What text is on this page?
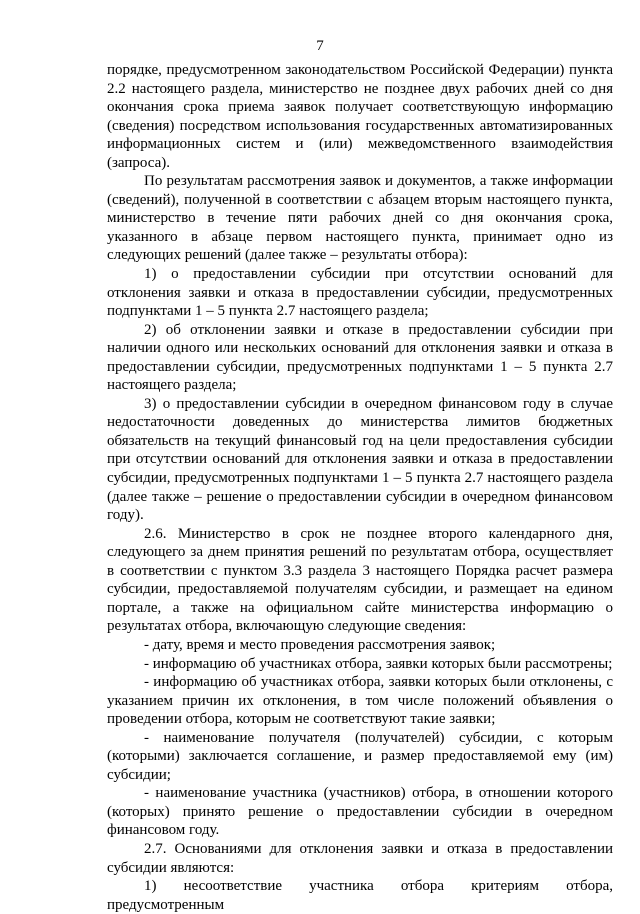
7

порядке, предусмотренном законодательством Российской Федерации) пункта 2.2 настоящего раздела, министерство не позднее двух рабочих дней со дня окончания срока приема заявок получает соответствующую информацию (сведения) посредством использования государственных автоматизированных информационных систем и (или) межведомственного взаимодействия (запроса).

По результатам рассмотрения заявок и документов, а также информации (сведений), полученной в соответствии с абзацем вторым настоящего пункта, министерство в течение пяти рабочих дней со дня окончания срока, указанного в абзаце первом настоящего пункта, принимает одно из следующих решений (далее также – результаты отбора):

1) о предоставлении субсидии при отсутствии оснований для отклонения заявки и отказа в предоставлении субсидии, предусмотренных подпунктами 1 – 5 пункта 2.7 настоящего раздела;

2) об отклонении заявки и отказе в предоставлении субсидии при наличии одного или нескольких оснований для отклонения заявки и отказа в предоставлении субсидии, предусмотренных подпунктами 1 – 5 пункта 2.7 настоящего раздела;

3) о предоставлении субсидии в очередном финансовом году в случае недостаточности доведенных до министерства лимитов бюджетных обязательств на текущий финансовый год на цели предоставления субсидии при отсутствии оснований для отклонения заявки и отказа в предоставлении субсидии, предусмотренных подпунктами 1 – 5 пункта 2.7 настоящего раздела (далее также – решение о предоставлении субсидии в очередном финансовом году).

2.6. Министерство в срок не позднее второго календарного дня, следующего за днем принятия решений по результатам отбора, осуществляет в соответствии с пунктом 3.3 раздела 3 настоящего Порядка расчет размера субсидии, предоставляемой получателям субсидии, и размещает на едином портале, а также на официальном сайте министерства информацию о результатах отбора, включающую следующие сведения:

- дату, время и место проведения рассмотрения заявок;

- информацию об участниках отбора, заявки которых были рассмотрены;

- информацию об участниках отбора, заявки которых были отклонены, с указанием причин их отклонения, в том числе положений объявления о проведении отбора, которым не соответствуют такие заявки;

- наименование получателя (получателей) субсидии, с которым (которыми) заключается соглашение, и размер предоставляемой ему (им) субсидии;

- наименование участника (участников) отбора, в отношении которого (которых) принято решение о предоставлении субсидии в очередном финансовом году.

2.7. Основаниями для отклонения заявки и отказа в предоставлении субсидии являются:

1) несоответствие участника отбора критериям отбора, предусмотренным
